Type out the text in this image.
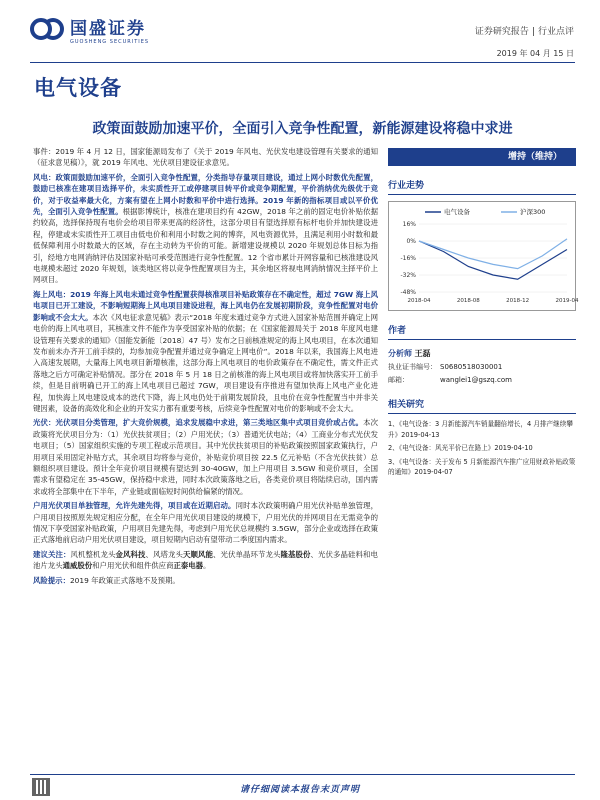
国盛证券
GUOSHENG SECURITIES
证券研究报告 | 行业点评
2019 年 04 月 15 日
电气设备
政策面鼓励加速平价，全面引入竞争性配置，新能源建设将稳中求进

事件：2019 年 4 月 12 日，国家能源局发布了《关于 2019 年风电、光伏发电建设管理有关要求的通知（征求意见稿）》，就 2019 年风电、光伏项目建设征求意见。

风电：政策面鼓励加速平价，全面引入竞争性配置，分类指导存量项目建设，通过上网小时数优先配置，鼓励已核准在建项目选择平价，未实质性开工或停建项目转平价或竞争期配置，平价消纳优先级优于竞价，对于收益率最大化，方案有望在上网小时数和平价中进行选择。2019 年新的指标项目或以平价优先，全面引入竞争性配置。根据影博统计，核准在建项目约有 42GW，2018 年之前的固定电价补贴依据约较高，选择保持现有电价会给项目带来更高的经济性，这部分项目有望选择原有标杆电价并加快建设进程，停建或未实质性开工项目由低电价和利用小时数之间的博弈，风电资源优异，且满足利用小时数和最低保障利用小时数最大的区域，存在主动转为平价的可能。新增建设规模以 2020 年规划总体目标为指引，经地方电网消纳评估及国家补贴可承受范围进行竞争性配置。12 个省市累计开网容量和已核准建设风电规模未超过 2020 年规划，该类地区将以竞争性配置项目为主，其余地区将视电网消纳情况主择平价上网项目。

海上风电：2019 年海上风电未通过竞争性配置获得核准项目补贴政策存在不确定性，超过 7GW 海上风电项目已开工建设，不影响短期海上风电项目建设进程，海上风电仍在发展初期阶段，竞争性配置对电价影响或不会太大。本次《风电征求意见稿》表示“2018 年度未通过竞争方式进入国家补贴范围并确定上网电价的海上风电项目，其核准文件不能作为享受国家补贴的依据；在《国家能源局关于 2018 年度风电建设管理有关要求的通知》（国能发新能〔2018〕47 号）发布之日前核准规定的海上风电项目，在本次通知发布前未办齐开工前手续的，均参加竞争配置并通过竞争确定上网电价”。2018 年以来，我国海上风电进入高速发展期，大量海上风电项目新增核准，这部分海上风电项目的电价政策存在不确定性，需文件正式落地之后方可确定补贴情况。部分在 2018 年 5 月 18 日之前核准的海上风电项目或将加快落实开工前手续，但是目前明确已开工的海上风电项目已超过 7GW，项目建设有序推进有望加快海上风电产业化进程，加快海上风电建设成本的迭代下降，海上风电仍处于前期发展阶段，且电价在竞争性配置当中并非关键因素，设备的高效化和企业的开发实力都有重要考核，后续竞争性配置对电价的影响或不会太大。

光伏：光伏项目分类管理，扩大竞价规模，追求发展稳中求进，第三类地区集中式项目竞价或占优。本次政策将光伏项目分为：（1）光伏扶贫项目；（2）户用光伏；（3）普通光伏电站；（4）工商业分布式光伏发电项目；（5）国家组织实施的专项工程或示范项目。其中光伏扶贫项目的补贴政策按照国家政策执行，户用项目采用固定补贴方式，其余项目均将参与竞价，补贴竞价项目按 22.5 亿元补贴（不含光伏扶贫）总额组织项目建设。预计全年竞价项目规模有望达到 30-40GW，加上户用项目 3.5GW 和竞价项目，全国需求有望稳定在 35-45GW，保持稳中求进，同时本次政策落地之后，各类竞价项目将陆续启动，国内需求或将全部集中在下半年，产业链或面临短时间供给偏紧的情况。

户用光伏项目单独管理，允许先建先得，项目或在近期启动。同时本次政策明确户用光伏补贴单独管理，户用项目按照原先规定相应分配，在全年户用光伏项目建设的规模下，户用光伏的并网项目在无需竞争的情况下享受国家补贴政策，户用项目先建先得，考虑到户用光伏总规模约 3.5GW，部分企业或选择在政策正式落地前启动户用光伏项目建设，项目短期内启动有望带动二季度国内需求。

建议关注：风机整机龙头金风科技、风塔龙头天顺风能、光伏单晶环节龙头隆基股份、光伏多晶硅料和电池片龙头通威股份和户用光伏和组件供应商正泰电器。

风险提示：2019 年政策正式落地不及预期。

增持（维持）
行业走势
16%
0%
-16%
-32%
-48%
2018-04	2018-08	2018-12	2019-04
电气设备	沪深300
作者
分析师 王磊
执业证书编号： S0680518030001
邮箱：	wanglei1@gszq.com
相关研究
1、《电气设备：3 月新能源汽车销量翻倍增长，4 月排产继续攀升》2019-04-13
2、《电气设备：风光平价已在路上》2019-04-10
3、《电气设备：关于发布 5 月新能源汽车推广应用财政补贴政策的通知》2019-04-07
请仔细阅读本报告末页声明
